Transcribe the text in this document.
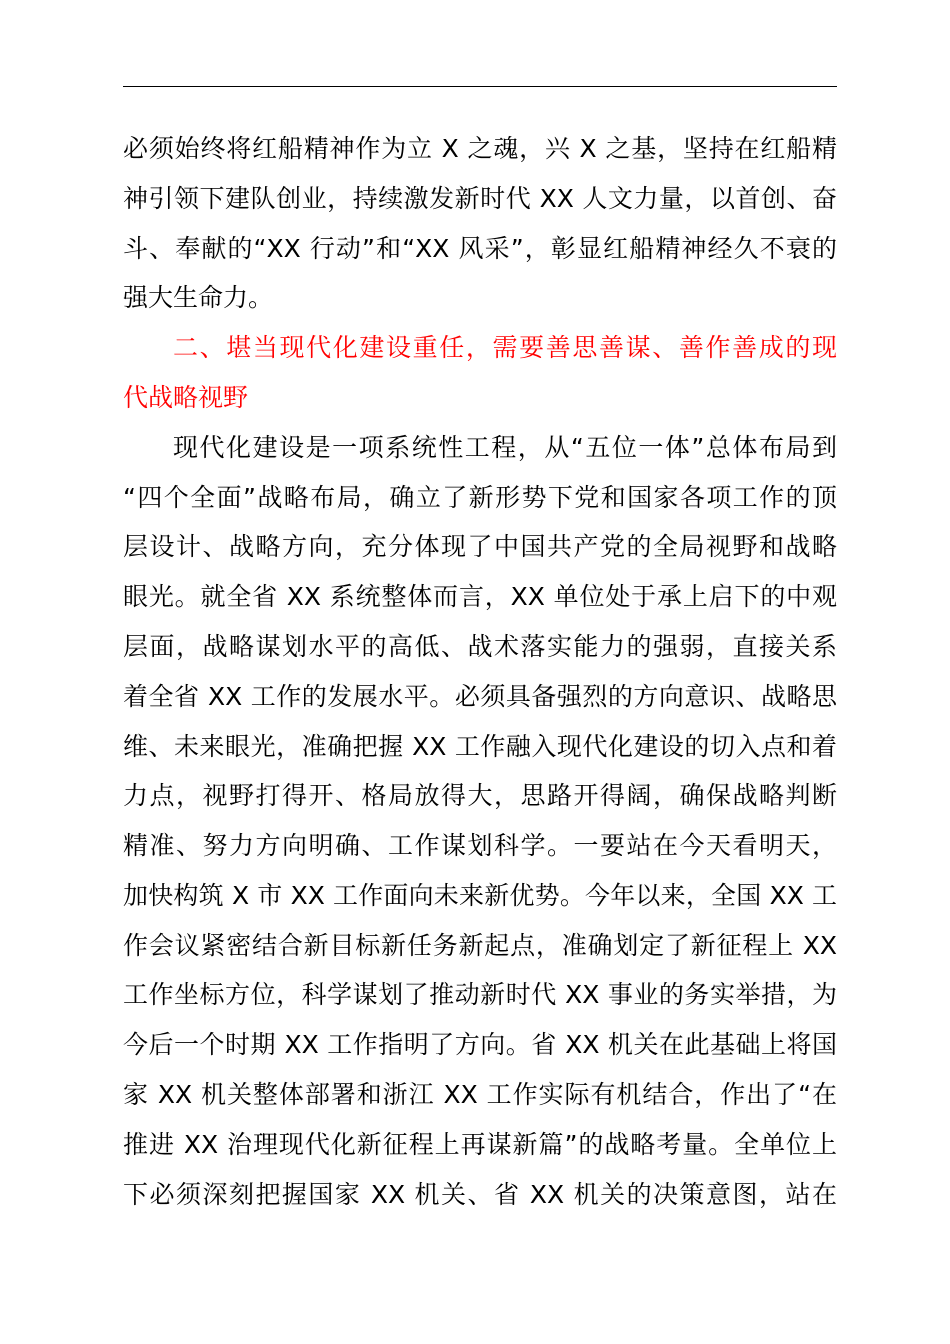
必须始终将红船精神作为立 X 之魂，兴 X 之基，坚持在红船精
神引领下建队创业，持续激发新时代 XX 人文力量，以首创、奋
斗、奉献的“XX 行动”和“XX 风采”，彰显红船精神经久不衰的
强大生命力。
二、堪当现代化建设重任，需要善思善谋、善作善成的现
代战略视野
现代化建设是一项系统性工程，从“五位一体”总体布局到
“四个全面”战略布局，确立了新形势下党和国家各项工作的顶
层设计、战略方向，充分体现了中国共产党的全局视野和战略
眼光。就全省 XX 系统整体而言，XX 单位处于承上启下的中观
层面，战略谋划水平的高低、战术落实能力的强弱，直接关系
着全省 XX 工作的发展水平。必须具备强烈的方向意识、战略思
维、未来眼光，准确把握 XX 工作融入现代化建设的切入点和着
力点，视野打得开、格局放得大，思路开得阔，确保战略判断
精准、努力方向明确、工作谋划科学。一要站在今天看明天，
加快构筑 X 市 XX 工作面向未来新优势。今年以来，全国 XX 工
作会议紧密结合新目标新任务新起点，准确划定了新征程上 XX
工作坐标方位，科学谋划了推动新时代 XX 事业的务实举措，为
今后一个时期 XX 工作指明了方向。省 XX 机关在此基础上将国
家 XX 机关整体部署和浙江 XX 工作实际有机结合，作出了“在
推进 XX 治理现代化新征程上再谋新篇”的战略考量。全单位上
下必须深刻把握国家 XX 机关、省 XX 机关的决策意图，站在
